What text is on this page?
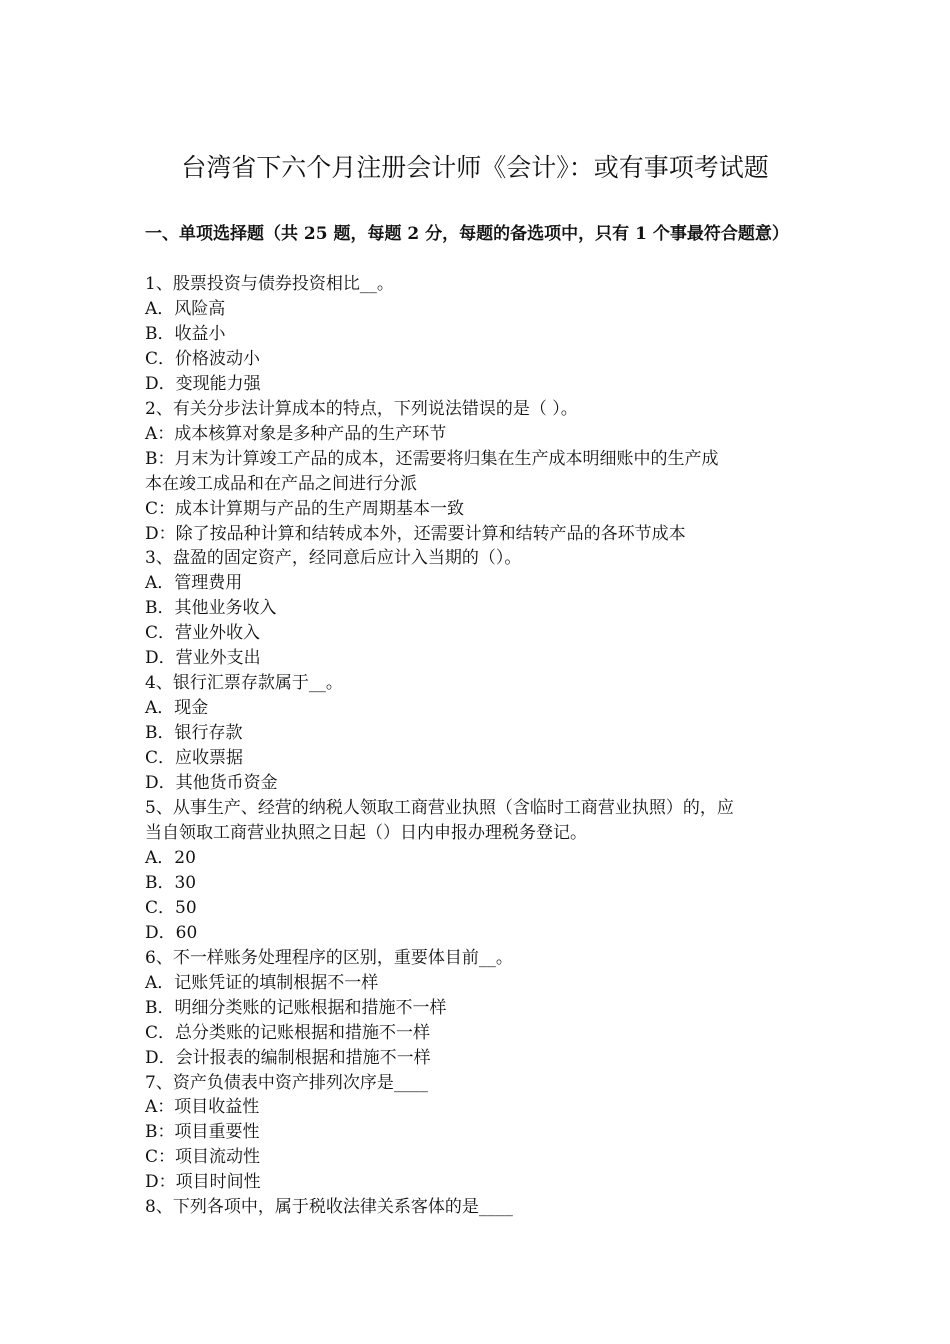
台湾省下六个月注册会计师《会计》：或有事项考试题
一、单项选择题（共 25 题，每题 2 分，每题的备选项中，只有 1 个事最符合题意）
1、股票投资与债券投资相比__。
A．风险高
B．收益小
C．价格波动小
D．变现能力强
2、有关分步法计算成本的特点，下列说法错误的是（ ）。
A：成本核算对象是多种产品的生产环节
B：月末为计算竣工产品的成本，还需要将归集在生产成本明细账中的生产成
本在竣工成品和在产品之间进行分派
C：成本计算期与产品的生产周期基本一致
D：除了按品种计算和结转成本外，还需要计算和结转产品的各环节成本
3、盘盈的固定资产，经同意后应计入当期的（）。
A．管理费用
B．其他业务收入
C．营业外收入
D．营业外支出
4、银行汇票存款属于__。
A．现金
B．银行存款
C．应收票据
D．其他货币资金
5、从事生产、经营的纳税人领取工商营业执照（含临时工商营业执照）的，应
当自领取工商营业执照之日起（）日内申报办理税务登记。
A．20
B．30
C．50
D．60
6、不一样账务处理程序的区别，重要体目前__。
A．记账凭证的填制根据不一样
B．明细分类账的记账根据和措施不一样
C．总分类账的记账根据和措施不一样
D．会计报表的编制根据和措施不一样
7、资产负债表中资产排列次序是____
A：项目收益性
B：项目重要性
C：项目流动性
D：项目时间性
8、下列各项中，属于税收法律关系客体的是____
